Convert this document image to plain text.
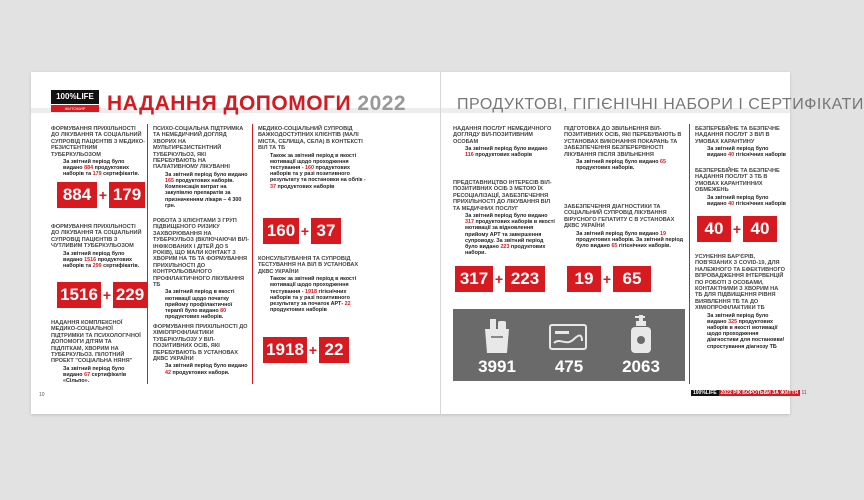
100%LIFE
ЖИТОМИР	НАДАННЯ ДОПОМОГИ 2022	ПРОДУКТОВІ, ГІГІЄНІЧНІ НАБОРИ І СЕРТИФІКАТИ
ФОРМУВАННЯ ПРИХІЛЬНОСТІ ДО ЛІКУВАННЯ ТА СОЦІАЛЬНИЙ СУПРОВІД ПАЦІЄНТІВ З МЕДИКО-РЕЗИСТЕНТНИМ ТУБЕРКУЛЬОЗОМ
За звітний період було видано 884 продуктових наборів та 179 сертифікатів.
884 + 179
ФОРМУВАННЯ ПРИХІЛЬНОСТІ ДО ЛІКУВАННЯ ТА СОЦІАЛЬНИЙ СУПРОВІД ПАЦІЄНТІВ З ЧУТЛИВИМ ТУБЕРКУЛЬОЗОМ
За звітний період було видано 1516 продуктових наборів та 299 сертифікатів.
1516 + 229
НАДАННЯ КОМПЛЕКСНОЇ МЕДИКО-СОЦІАЛЬНОЇ ПІДТРИМКИ ТА ПСИХОЛОГІЧНОЇ ДОПОМОГИ ДІТЯМ ТА ПІДЛІТКАМ, ХВОРИМ НА ТУБЕРКУЛЬОЗ. ПІЛОТНИЙ ПРОЕКТ "СОЦІАЛЬНА НЯНЯ"
За звітний період було видано 67 сертифікатів «Сільпо».
ПСИХО-СОЦІАЛЬНА ПІДТРИМКА ТА НЕМЕДИЧНИЙ ДОГЛЯД ХВОРИХ НА МУЛЬТИРЕЗИСТЕНТНИЙ ТУБЕРКУЛЬОЗ, ЯКІ ПЕРЕБУВАЮТЬ НА ПАЛІАТИВНОМУ ЛІКУВАННІ
За звітний період було видано 165 продуктових наборів. Компенсація витрат на закупівлю препаратів за призначенням лікаря – 4 300 грн.
РОБОТА З КЛІЄНТАМИ З ГРУП ПІДВИЩЕНОГО РИЗИКУ ЗАХВОРЮВАННЯ НА ТУБЕРКУЛЬОЗ (ВКЛЮЧАЮЧИ ВІЛ-ІНФІКОВАНИХ І ДІТЕЙ ДО 5 РОКІВ), ЩО МАЛИ КОНТАКТ З ХВОРИМ НА ТБ ТА ФОРМУВАННЯ ПРИХІЛЬНОСТІ ДО КОНТРОЛЬОВАНОГО ПРОФІЛАКТИЧНОГО ЛІКУВАННЯ ТБ
За звітний період в якості мотивації щодо початку прийому профілактичної терапії було видано 80 продуктових наборів.
ФОРМУВАННЯ ПРИХІЛЬНОСТІ ДО ХІМІОПРОФІЛАКТИКИ ТУБЕРКУЛЬОЗУ У ВІЛ-ПОЗИТИВНИХ ОСІБ, ЯКІ ПЕРЕБУВАЮТЬ В УСТАНОВАХ ДКВС УКРАЇНИ
За звітний період було видано 42 продуктових набори.
МЕДИКО-СОЦІАЛЬНИЙ СУПРОВІД ВАЖКОДОСТУПНИХ КЛІЄНТІВ (МАЛІ МІСТА, СЕЛИЩА, СЕЛА) В КОНТЕКСТІ ВІЛ ТА ТБ
Також за звітний період в якості мотивації щодо проходження тестування - 160 продуктових наборів та у разі позитивного результату та постановки на облік - 37 продуктових наборів
160 + 37
КОНСУЛЬТУВАННЯ ТА СУПРОВІД ТЕСТУВАННЯ НА ВІЛ В УСТАНОВАХ ДКВС УКРАЇНИ
Також за звітний період в якості мотивації щодо проходження тестування - 1918 гігієнічних наборів та у разі позитивного результату за початок АРТ- 22 продуктових наборів
1918 + 22
НАДАННЯ ПОСЛУГ НЕМЕДИЧНОГО ДОГЛЯДУ ВІЛ-ПОЗИТИВНИМ ОСОБАМ
За звітний період було видано 116 продуктових наборів
ПРЕДСТАВНИЦТВО ІНТЕРЕСІВ ВІЛ-ПОЗИТИВНИХ ОСІБ З МЕТОЮ ЇХ РЕСОЦІАЛІЗАЦІЇ, ЗАБЕЗПЕЧЕННЯ ПРИХІЛЬНОСТІ ДО ЛІКУВАННЯ ВІЛ ТА МЕДИЧНИХ ПОСЛУГ
За звітний період було видано 317 продуктових наборів в якості мотивації за відновлення прийому АРТ та завершення супроводу. За звітний період було видано 223 продуктових набори.
317 + 223
ПІДГОТОВКА ДО ЗВІЛЬНЕННЯ ВІЛ-ПОЗИТИВНИХ ОСІБ, ЯКІ ПЕРЕБУВАЮТЬ В УСТАНОВАХ ВИКОНАННЯ ПОКАРАНЬ ТА ЗАБЕЗПЕЧЕННЯ БЕЗПЕРЕРВНОСТІ ЛІКУВАННЯ ПІСЛЯ ЗВІЛЬНЕННЯ
За звітний період було видано 65 продуктових наборів.
ЗАБЕЗПЕЧЕННЯ ДІАГНОСТИКИ ТА СОЦІАЛЬНИЙ СУПРОВІД ЛІКУВАННЯ ВІРУСНОГО ГЕПАТИТУ С В УСТАНОВАХ ДКВС УКРАЇНИ
За звітний період було видано 19 продуктових наборів. За звітний період було видано 65 гігієнічних наборів.
19 + 65
БЕЗПЕРЕБІЙНЕ ТА БЕЗПЕЧНЕ НАДАННЯ ПОСЛУГ З ВІЛ В УМОВАХ КАРАНТИНУ
За звітний період було видано 40 гігієнічних наборів
БЕЗПЕРЕБІЙНЕ ТА БЕЗПЕЧНЕ НАДАННЯ ПОСЛУГ З ТБ В УМОВАХ КАРАНТИННИХ ОБМЕЖЕНЬ
За звітний період було видано 40 гігієнічних наборів
40 + 40
УСУНЕННЯ БАР'ЄРІВ, ПОВ'ЯЗАНИХ З COVID-19, ДЛЯ НАЛЕЖНОГО ТА ЕФЕКТИВНОГО ВПРОВАДЖЕННЯ ІНТЕРВЕНЦІЙ ПО РОБОТІ З ОСОБАМИ, КОНТАКТНИМИ З ХВОРИМ НА ТБ ДЛЯ ПІДВИЩЕННЯ РІВНЯ ВИЯВЛЕННЯ ТБ ТА ДО ХІМІОПРОФІЛАКТИКИ ТБ
За звітний період було видано 325 продуктових наборів в якості мотивації щодо проходження діагностики для постановки/спростування діагнозу ТБ
3991	475	2063
10	100%LIFE 2022 РІК БОРОТЬБИ ЗА ЖИТТЯ 11
